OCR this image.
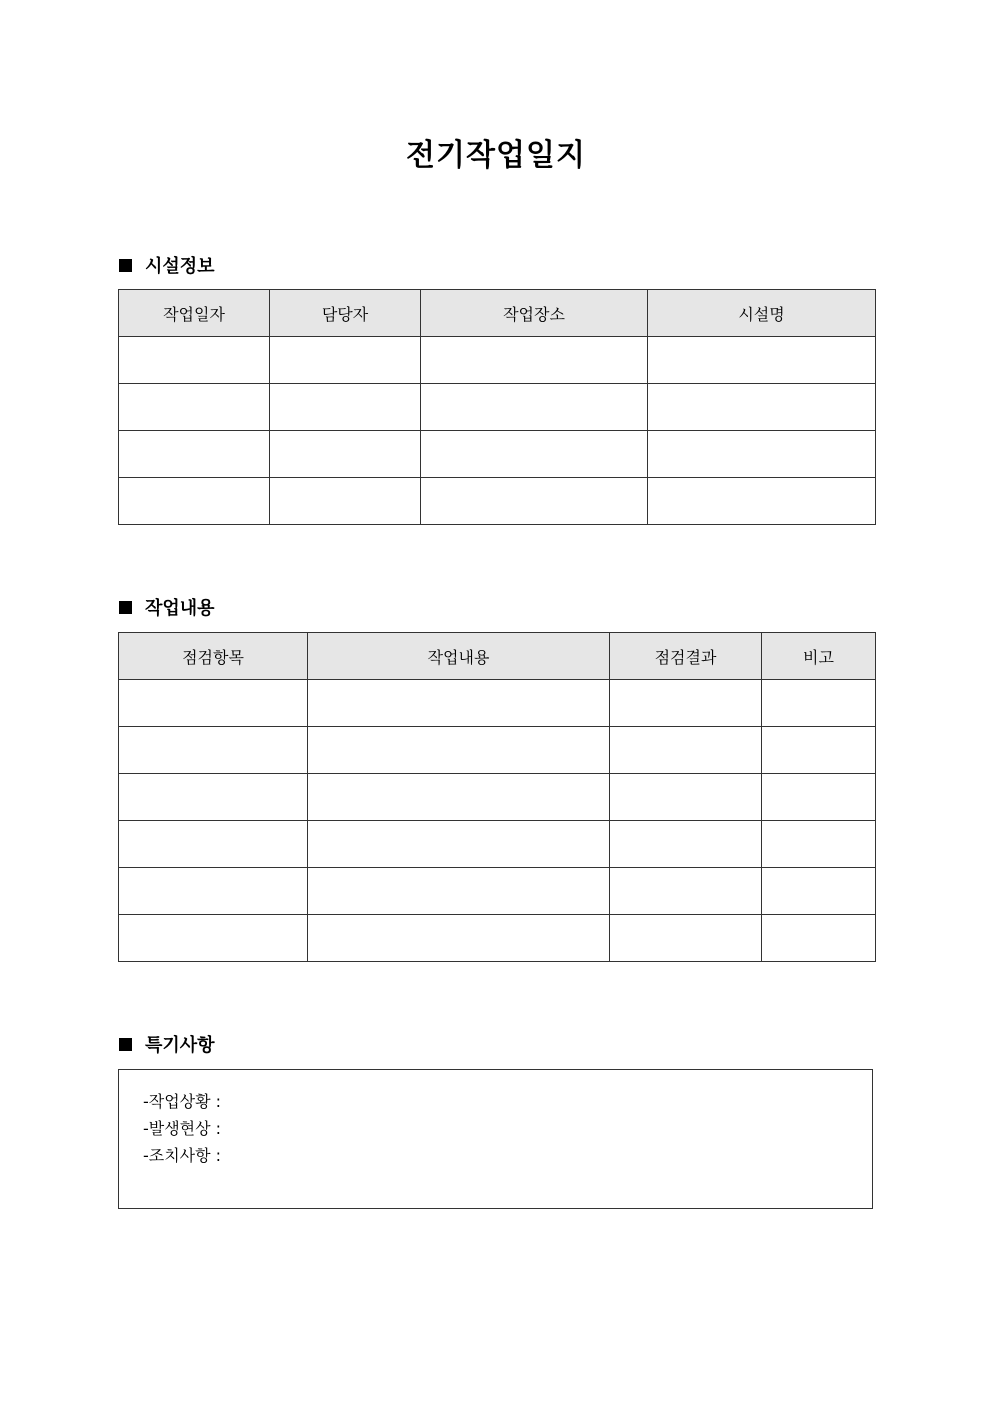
전기작업일지
시설정보
작업일자	담당자	작업장소	시설명

작업내용
점검항목	작업내용	점검결과	비고

특기사항
-작업상황 :
-발생현상 :
-조치사항 :
